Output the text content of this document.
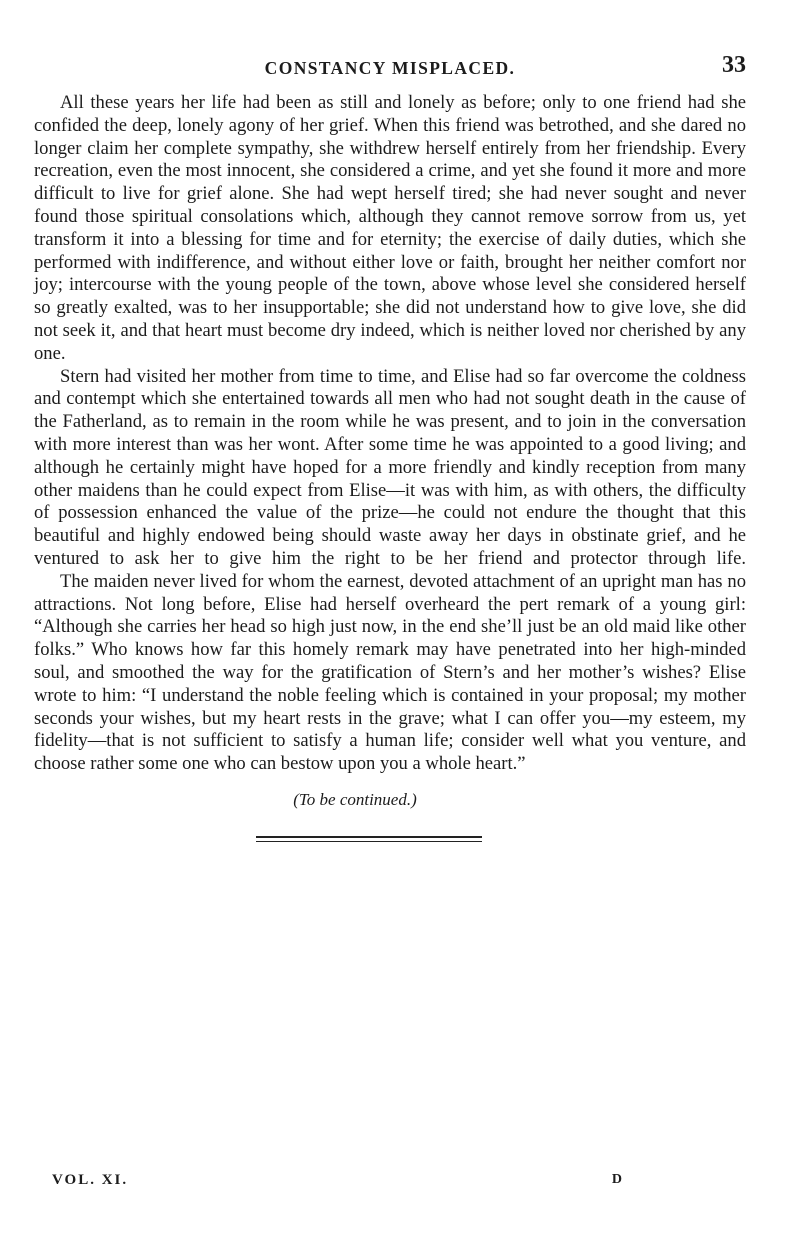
CONSTANCY MISPLACED.	33

All these years her life had been as still and lonely as before; only to one friend had she confided the deep, lonely agony of her grief. When this friend was betrothed, and she dared no longer claim her complete sympathy, she withdrew herself entirely from her friendship. Every recreation, even the most innocent, she considered a crime, and yet she found it more and more difficult to live for grief alone. She had wept herself tired; she had never sought and never found those spiritual consolations which, although they cannot remove sorrow from us, yet transform it into a blessing for time and for eternity; the exercise of daily duties, which she performed with indifference, and without either love or faith, brought her neither comfort nor joy; intercourse with the young people of the town, above whose level she considered herself so greatly exalted, was to her insupportable; she did not understand how to give love, she did not seek it, and that heart must become dry indeed, which is neither loved nor cherished by any one.

Stern had visited her mother from time to time, and Elise had so far overcome the coldness and contempt which she entertained towards all men who had not sought death in the cause of the Fatherland, as to remain in the room while he was present, and to join in the conversation with more interest than was her wont. After some time he was appointed to a good living; and although he certainly might have hoped for a more friendly and kindly reception from many other maidens than he could expect from Elise—it was with him, as with others, the difficulty of possession enhanced the value of the prize—he could not endure the thought that this beautiful and highly endowed being should waste away her days in obstinate grief, and he ventured to ask her to give him the right to be her friend and protector through life.

The maiden never lived for whom the earnest, devoted attachment of an upright man has no attractions. Not long before, Elise had herself overheard the pert remark of a young girl: “Although she carries her head so high just now, in the end she’ll just be an old maid like other folks.” Who knows how far this homely remark may have penetrated into her high-minded soul, and smoothed the way for the gratification of Stern’s and her mother’s wishes? Elise wrote to him: “I understand the noble feeling which is contained in your proposal; my mother seconds your wishes, but my heart rests in the grave; what I can offer you—my esteem, my fidelity—that is not sufficient to satisfy a human life; consider well what you venture, and choose rather some one who can bestow upon you a whole heart.”

(To be continued.)
VOL. XI.	D
